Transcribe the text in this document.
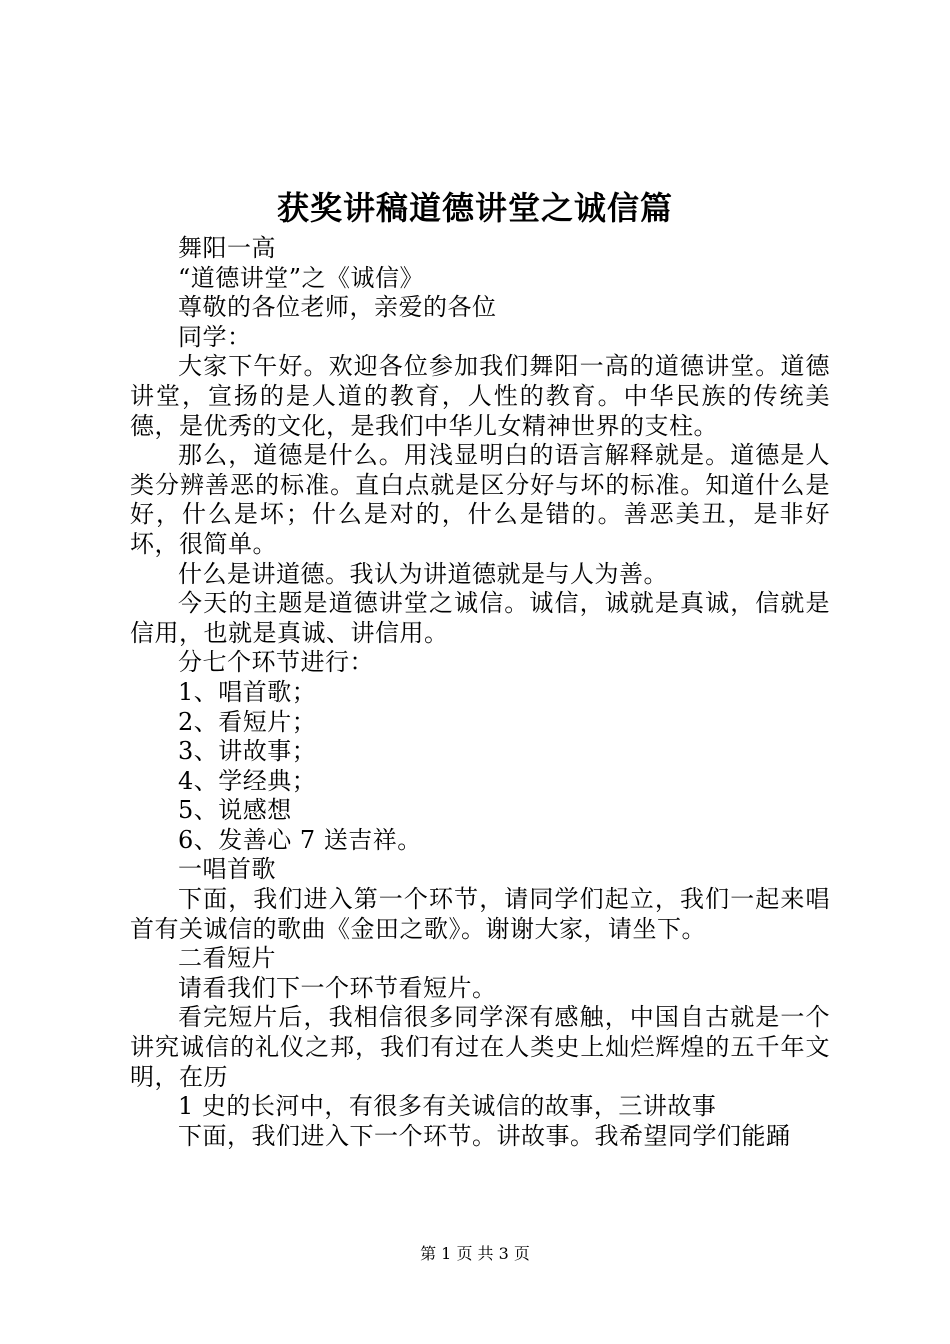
获奖讲稿道德讲堂之诚信篇

舞阳一高

“道德讲堂”之《诚信》

尊敬的各位老师，亲爱的各位

同学：

大家下午好。欢迎各位参加我们舞阳一高的道德讲堂。道德讲堂，宣扬的是人道的教育，人性的教育。中华民族的传统美德，是优秀的文化，是我们中华儿女精神世界的支柱。

那么，道德是什么。用浅显明白的语言解释就是。道德是人类分辨善恶的标准。直白点就是区分好与坏的标准。知道什么是好，什么是坏；什么是对的，什么是错的。善恶美丑，是非好坏，很简单。

什么是讲道德。我认为讲道德就是与人为善。

今天的主题是道德讲堂之诚信。诚信，诚就是真诚，信就是信用，也就是真诚、讲信用。

分七个环节进行：

1、唱首歌；

2、看短片；

3、讲故事；

4、学经典；

5、说感想

6、发善心 7 送吉祥。

一唱首歌

下面，我们进入第一个环节，请同学们起立，我们一起来唱首有关诚信的歌曲《金田之歌》。谢谢大家，请坐下。

二看短片

请看我们下一个环节看短片。

看完短片后，我相信很多同学深有感触，中国自古就是一个讲究诚信的礼仪之邦，我们有过在人类史上灿烂辉煌的五千年文明，在历

1 史的长河中，有很多有关诚信的故事，三讲故事

下面，我们进入下一个环节。讲故事。我希望同学们能踊

第 1 页 共 3 页
